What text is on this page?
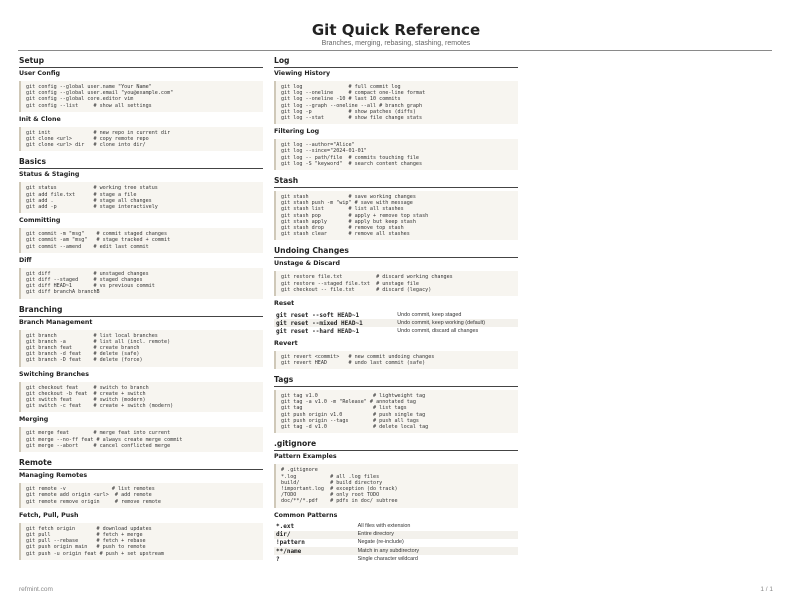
Git Quick Reference
Branches, merging, rebasing, stashing, remotes
Setup
User Config
git config --global user.name "Your Name"
git config --global user.email "you@example.com"
git config --global core.editor vim
git config --list     # show all settings
Init & Clone
git init              # new repo in current dir
git clone <url>       # copy remote repo
git clone <url> dir   # clone into dir/
Basics
Status & Staging
git status            # working tree status
git add file.txt      # stage a file
git add .             # stage all changes
git add -p            # stage interactively
Committing
git commit -m "msg"    # commit staged changes
git commit -am "msg"   # stage tracked + commit
git commit --amend    # edit last commit
Diff
git diff              # unstaged changes
git diff --staged     # staged changes
git diff HEAD~1       # vs previous commit
git diff branchA branchB
Branching
Branch Management
git branch            # list local branches
git branch -a         # list all (incl. remote)
git branch feat       # create branch
git branch -d feat    # delete (safe)
git branch -D feat    # delete (force)
Switching Branches
git checkout feat     # switch to branch
git checkout -b feat  # create + switch
git switch feat       # switch (modern)
git switch -c feat    # create + switch (modern)
Merging
git merge feat        # merge feat into current
git merge --no-ff feat # always create merge commit
git merge --abort     # cancel conflicted merge
Remote
Managing Remotes
git remote -v               # list remotes
git remote add origin <url>  # add remote
git remote remove origin     # remove remote
Fetch, Pull, Push
git fetch origin       # download updates
git pull               # fetch + merge
git pull --rebase      # fetch + rebase
git push origin main   # push to remote
git push -u origin feat # push + set upstream
Log
Viewing History
git log               # full commit log
git log --oneline     # compact one-line format
git log --oneline -10 # last 10 commits
git log --graph --oneline --all # branch graph
git log -p            # show patches (diffs)
git log --stat        # show file change stats
Filtering Log
git log --author="Alice"
git log --since="2024-01-01"
git log -- path/file  # commits touching file
git log -S "keyword"  # search content changes
Stash
git stash             # save working changes
git stash push -m "wip" # save with message
git stash list        # list all stashes
git stash pop         # apply + remove top stash
git stash apply       # apply but keep stash
git stash drop        # remove top stash
git stash clear       # remove all stashes
Undoing Changes
Unstage & Discard
git restore file.txt           # discard working changes
git restore --staged file.txt  # unstage file
git checkout -- file.txt       # discard (legacy)
Reset
git reset --soft HEAD~1	Undo commit, keep staged
git reset --mixed HEAD~1	Undo commit, keep working (default)
git reset --hard HEAD~1	Undo commit, discard all changes
Revert
git revert <commit>   # new commit undoing changes
git revert HEAD       # undo last commit (safe)
Tags
git tag v1.0                  # lightweight tag
git tag -a v1.0 -m "Release" # annotated tag
git tag                       # list tags
git push origin v1.0          # push single tag
git push origin --tags        # push all tags
git tag -d v1.0               # delete local tag
.gitignore
Pattern Examples
# .gitignore
*.log           # all .log files
build/          # build directory
!important.log  # exception (do track)
/TODO           # only root TODO
doc/**/*.pdf    # pdfs in doc/ subtree
Common Patterns
*.ext	All files with extension
dir/	Entire directory
!pattern	Negate (re-include)
**/name	Match in any subdirectory
?	Single character wildcard
refmint.com	1 / 1
